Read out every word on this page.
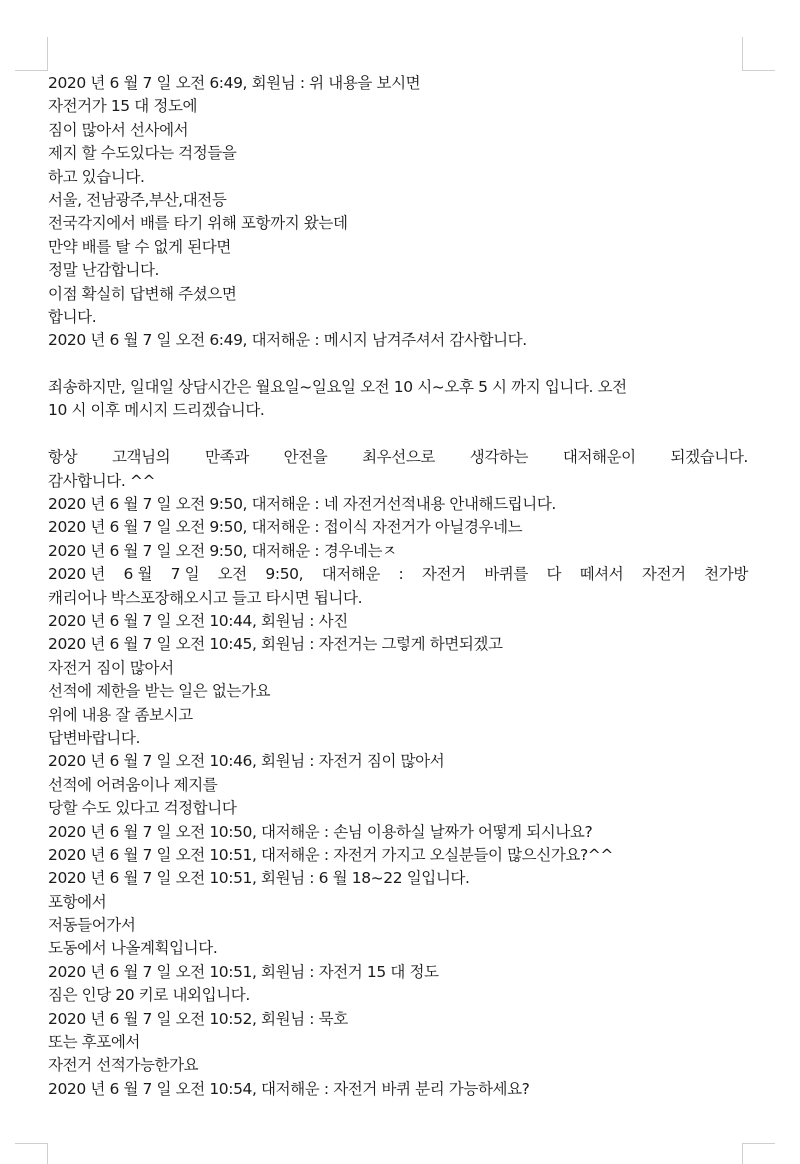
2020 년 6 월 7 일 오전 6:49, 회원님 : 위 내용을 보시면
자전거가 15 대 정도에
짐이 많아서 선사에서
제지 할 수도있다는 걱정들을
하고 있습니다.
서울, 전남광주,부산,대전등
전국각지에서 배를 타기 위해 포항까지 왔는데
만약 배를 탈 수 없게 된다면
정말 난감합니다.
이점 확실히 답변해 주셨으면
합니다.
2020 년 6 월 7 일 오전 6:49, 대저해운 : 메시지 남겨주셔서 감사합니다.
죄송하지만, 일대일 상담시간은 월요일~일요일 오전 10 시~오후 5 시 까지 입니다. 오전
10 시 이후 메시지 드리겠습니다.
항상 고객님의 만족과 안전을 최우선으로 생각하는 대저해운이 되겠습니다.
감사합니다. ^^
2020 년 6 월 7 일 오전 9:50, 대저해운 : 네 자전거선적내용 안내해드립니다.
2020 년 6 월 7 일 오전 9:50, 대저해운 : 접이식 자전거가 아닐경우네느
2020 년 6 월 7 일 오전 9:50, 대저해운 : 경우네는ㅈ
2020 년 6 월 7 일 오전 9:50, 대저해운 : 자전거 바퀴를 다 떼셔서 자전거 천가방
캐리어나 박스포장해오시고 들고 타시면 됩니다.
2020 년 6 월 7 일 오전 10:44, 회원님 : 사진
2020 년 6 월 7 일 오전 10:45, 회원님 : 자전거는 그렇게 하면되겠고
자전거 짐이 많아서
선적에 제한을 받는 일은 없는가요
위에 내용 잘 좀보시고
답변바랍니다.
2020 년 6 월 7 일 오전 10:46, 회원님 : 자전거 짐이 많아서
선적에 어려움이나 제지를
당할 수도 있다고 걱정합니다
2020 년 6 월 7 일 오전 10:50, 대저해운 : 손님 이용하실 날짜가 어떻게 되시나요?
2020 년 6 월 7 일 오전 10:51, 대저해운 : 자전거 가지고 오실분들이 많으신가요?^^
2020 년 6 월 7 일 오전 10:51, 회원님 : 6 월 18~22 일입니다.
포항에서
저동들어가서
도동에서 나올계획입니다.
2020 년 6 월 7 일 오전 10:51, 회원님 : 자전거 15 대 정도
짐은 인당 20 키로 내외입니다.
2020 년 6 월 7 일 오전 10:52, 회원님 : 묵호
또는 후포에서
자전거 선적가능한가요
2020 년 6 월 7 일 오전 10:54, 대저해운 : 자전거 바퀴 분리 가능하세요?
